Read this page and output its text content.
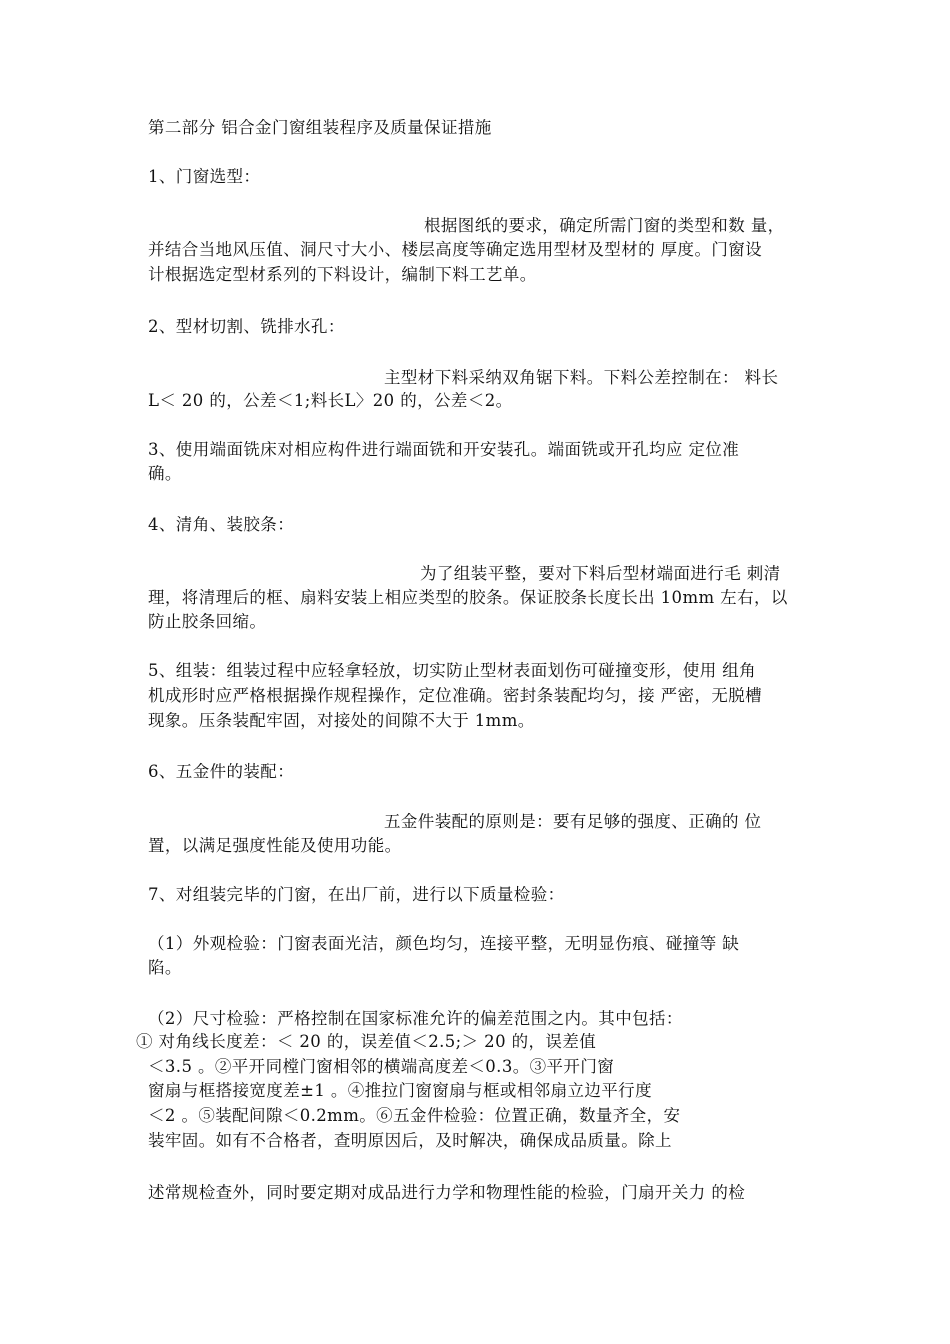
第二部分 铝合金门窗组装程序及质量保证措施
1、门窗选型：
根据图纸的要求，确定所需门窗的类型和数 量，
并结合当地风压值、洞尺寸大小、楼层高度等确定选用型材及型材的 厚度。门窗设
计根据选定型材系列的下料设计，编制下料工艺单。
2、型材切割、铣排水孔：
主型材下料采纳双角锯下料。下料公差控制在： 料长
L＜ 20 的，公差＜1;料长L〉20 的，公差＜2。
3、使用端面铣床对相应构件进行端面铣和开安装孔。端面铣或开孔均应 定位准
确。
4、清角、装胶条：
为了组装平整，要对下料后型材端面进行毛 刺清
理，将清理后的框、扇料安装上相应类型的胶条。保证胶条长度长出 10mm 左右，以
防止胶条回缩。
5、组装：组装过程中应轻拿轻放，切实防止型材表面划伤可碰撞变形，使用 组角
机成形时应严格根据操作规程操作，定位准确。密封条装配均匀，接 严密，无脱槽
现象。压条装配牢固，对接处的间隙不大于 1mm。
6、五金件的装配：
五金件装配的原则是：要有足够的强度、正确的 位
置，以满足强度性能及使用功能。
7、对组装完毕的门窗，在出厂前，进行以下质量检验：
（1）外观检验：门窗表面光洁，颜色均匀，连接平整，无明显伤痕、碰撞等 缺
陷。
（2）尺寸检验：严格控制在国家标准允许的偏差范围之内。其中包括：
① 对角线长度差：＜ 20 的，误差值＜2.5;＞ 20 的，误差值
＜3.5 。②平开同樘门窗相邻的横端高度差＜0.3。③平开门窗
窗扇与框搭接宽度差±1 。④推拉门窗窗扇与框或相邻扇立边平行度
＜2 。⑤装配间隙＜0.2mm。⑥五金件检验：位置正确，数量齐全，安
装牢固。如有不合格者，查明原因后，及时解决，确保成品质量。除上
述常规检查外，同时要定期对成品进行力学和物理性能的检验，门扇开关力 的检
